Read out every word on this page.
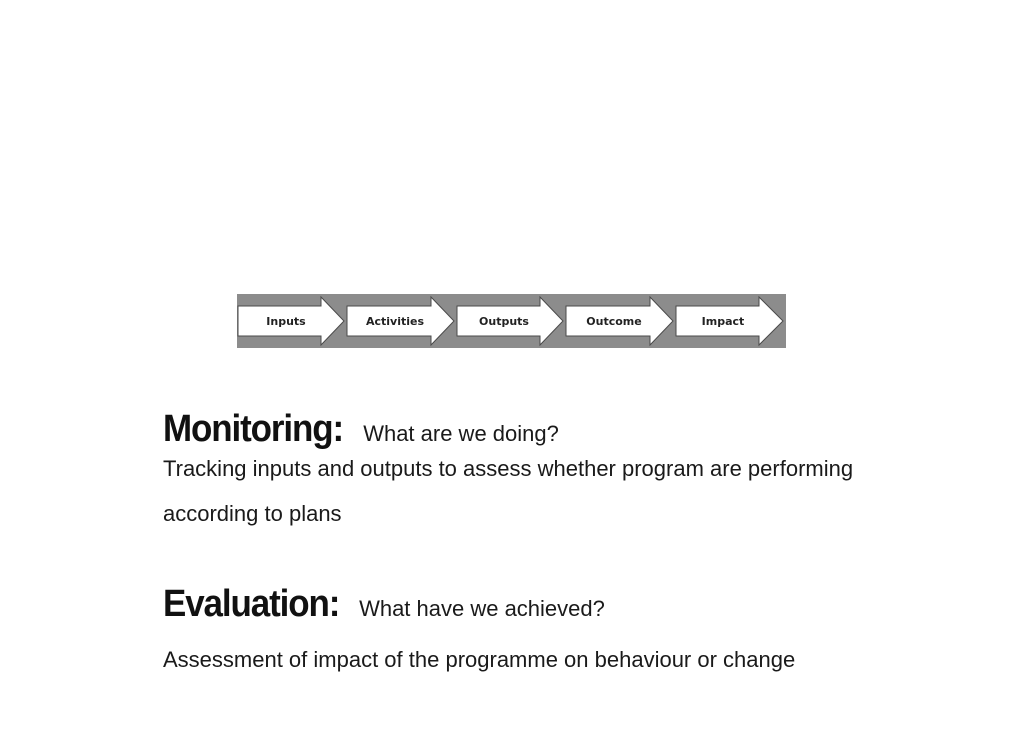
Inputs	Activities	Outputs	Outcome	Impact
Monitoring: What are we doing?
Tracking inputs and outputs to assess whether program are performing
according to plans
Evaluation: What have we achieved?
Assessment of impact of the programme on behaviour or change
